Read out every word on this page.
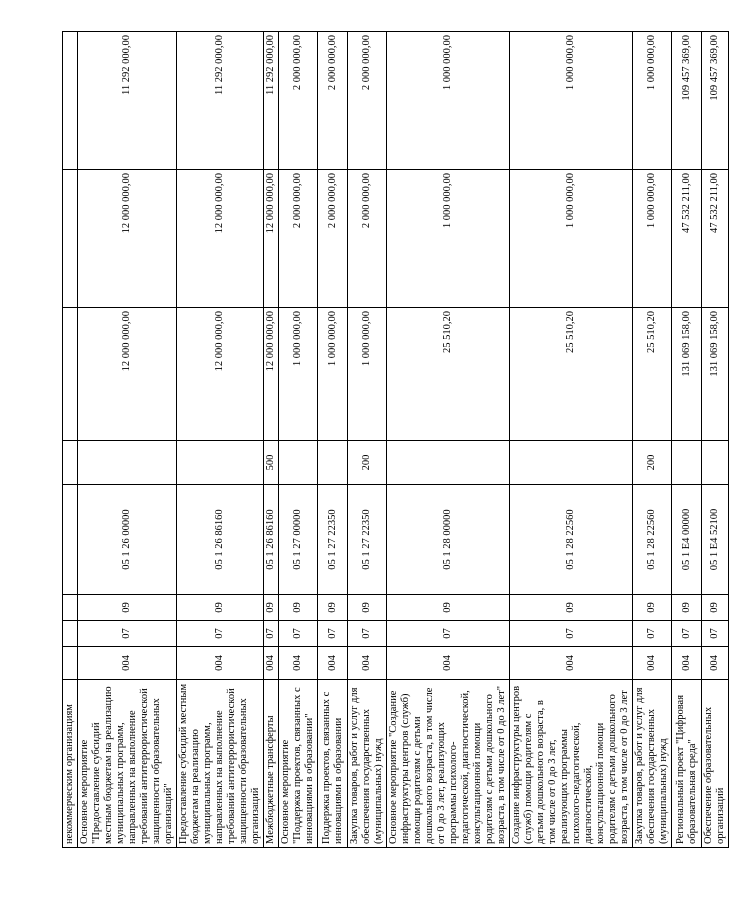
некоммерческим организациям								
Основное мероприятие "Предоставление субсидий местным бюджетам на реализацию муниципальных программ, направленных на выполнение требований антитеррористической защищенности образовательных организаций"	004	07	09	05 1 26 00000		12 000 000,00	12 000 000,00	11 292 000,00
Предоставление субсидий местным бюджетам на реализацию муниципальных программ, направленных на выполнение требований антитеррористической защищенности образовательных организаций	004	07	09	05 1 26 86160		12 000 000,00	12 000 000,00	11 292 000,00
Межбюджетные трансферты	004	07	09	05 1 26 86160	500	12 000 000,00	12 000 000,00	11 292 000,00
Основное мероприятие "Поддержка проектов, связанных с инновациями в образовании"	004	07	09	05 1 27 00000		1 000 000,00	2 000 000,00	2 000 000,00
Поддержка проектов, связанных с инновациями в образовании	004	07	09	05 1 27 22350		1 000 000,00	2 000 000,00	2 000 000,00
Закупка товаров, работ и услуг для обеспечения государственных (муниципальных) нужд	004	07	09	05 1 27 22350	200	1 000 000,00	2 000 000,00	2 000 000,00
Основное мероприятие "Создание инфраструктуры центров (служб) помощи родителям с детьми дошкольного возраста, в том числе от 0 до 3 лет, реализующих программы психолого-педагогической, диагностической, консультационной помощи родителям с детьми дошкольного возраста, в том числе от 0 до 3 лет"	004	07	09	05 1 28 00000		25 510,20	1 000 000,00	1 000 000,00
Создание инфраструктуры центров (служб) помощи родителям с детьми дошкольного возраста, в том числе от 0 до 3 лет, реализующих программы психолого-педагогической, диагностической, консультационной помощи родителям с детьми дошкольного возраста, в том числе от 0 до 3 лет	004	07	09	05 1 28 22560		25 510,20	1 000 000,00	1 000 000,00
Закупка товаров, работ и услуг для обеспечения государственных (муниципальных) нужд	004	07	09	05 1 28 22560	200	25 510,20	1 000 000,00	1 000 000,00
Региональный проект "Цифровая образовательная среда"	004	07	09	05 1 E4 00000		131 069 158,00	47 532 211,00	109 457 369,00
Обеспечение образовательных организаций	004	07	09	05 1 E4 52100		131 069 158,00	47 532 211,00	109 457 369,00
